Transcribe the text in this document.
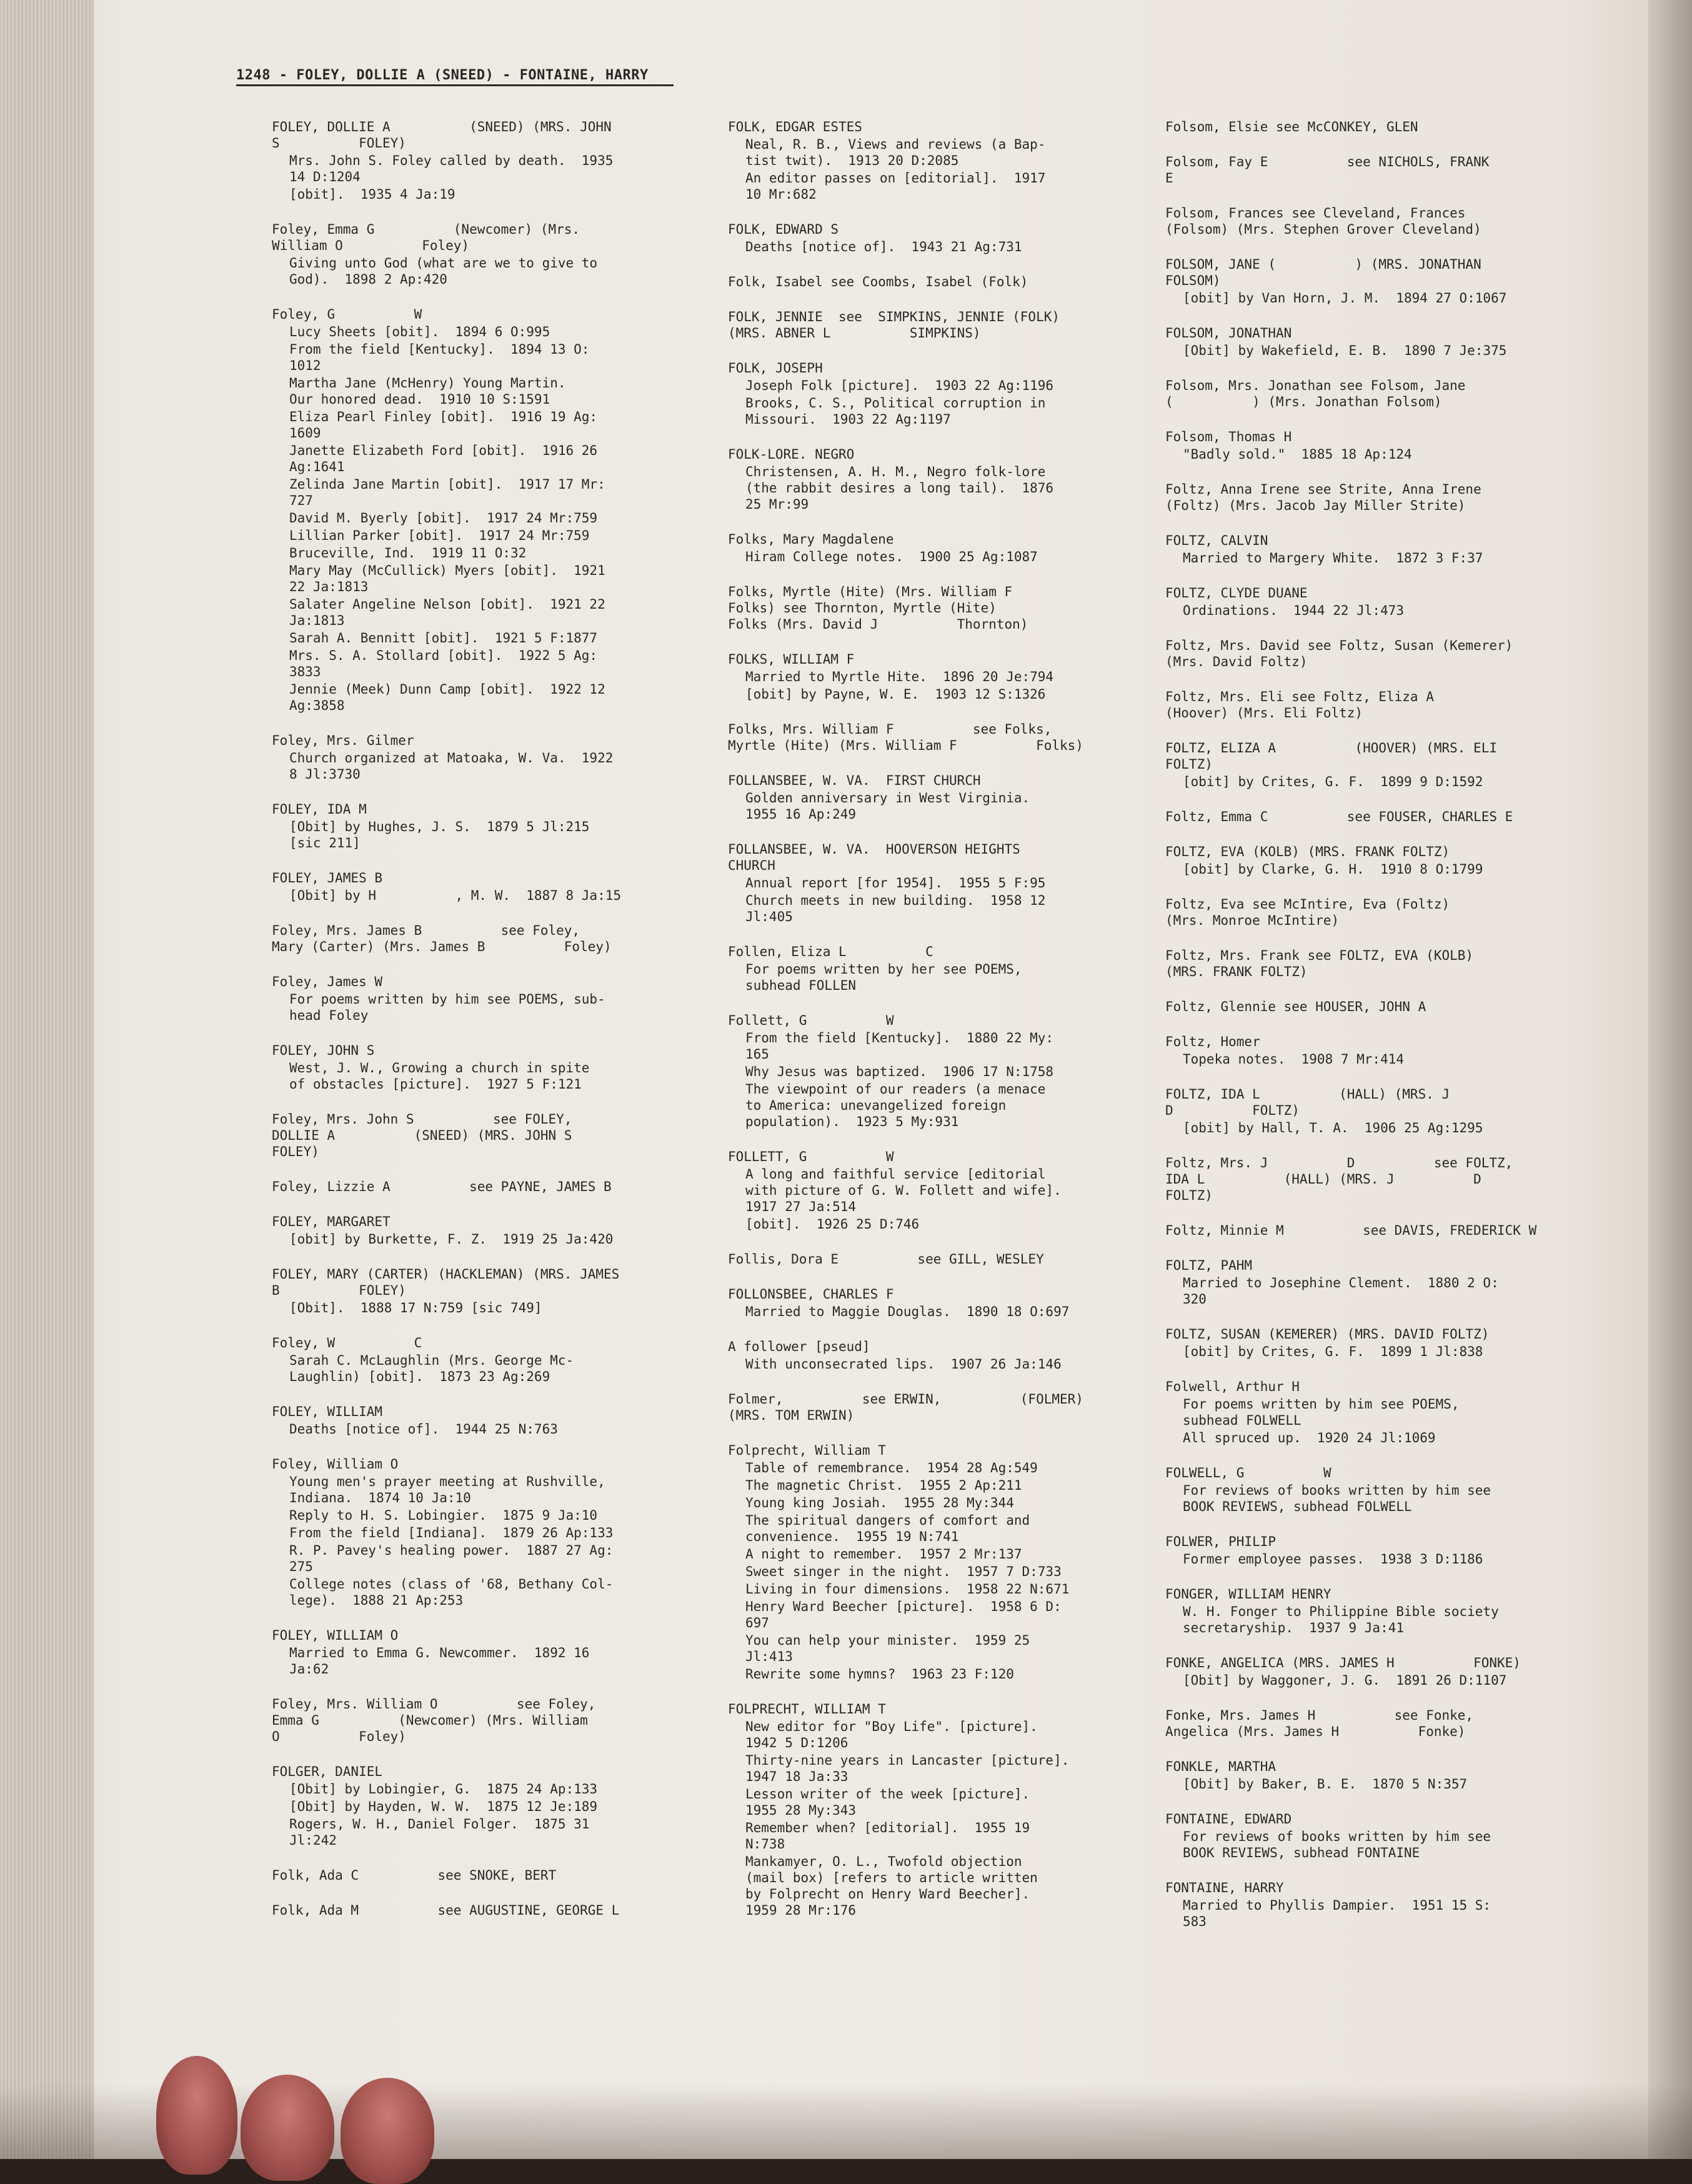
1248 - FOLEY, DOLLIE A (SNEED) - FONTAINE, HARRY
FOLEY, DOLLIE A          (SNEED) (MRS. JOHN
S          FOLEY)
Mrs. John S. Foley called by death.  1935
14 D:1204
[obit].  1935 4 Ja:19
Foley, Emma G          (Newcomer) (Mrs.
William O          Foley)
Giving unto God (what are we to give to
God).  1898 2 Ap:420
Foley, G          W
Lucy Sheets [obit].  1894 6 O:995
From the field [Kentucky].  1894 13 O:
1012
Martha Jane (McHenry) Young Martin.
Our honored dead.  1910 10 S:1591
Eliza Pearl Finley [obit].  1916 19 Ag:
1609
Janette Elizabeth Ford [obit].  1916 26
Ag:1641
Zelinda Jane Martin [obit].  1917 17 Mr:
727
David M. Byerly [obit].  1917 24 Mr:759
Lillian Parker [obit].  1917 24 Mr:759
Bruceville, Ind.  1919 11 O:32
Mary May (McCullick) Myers [obit].  1921
22 Ja:1813
Salater Angeline Nelson [obit].  1921 22
Ja:1813
Sarah A. Bennitt [obit].  1921 5 F:1877
Mrs. S. A. Stollard [obit].  1922 5 Ag:
3833
Jennie (Meek) Dunn Camp [obit].  1922 12
Ag:3858
Foley, Mrs. Gilmer
Church organized at Matoaka, W. Va.  1922
8 Jl:3730
FOLEY, IDA M
[Obit] by Hughes, J. S.  1879 5 Jl:215
[sic 211]
FOLEY, JAMES B
[Obit] by H          , M. W.  1887 8 Ja:15
Foley, Mrs. James B          see Foley,
Mary (Carter) (Mrs. James B          Foley)
Foley, James W
For poems written by him see POEMS, sub-
head Foley
FOLEY, JOHN S
West, J. W., Growing a church in spite
of obstacles [picture].  1927 5 F:121
Foley, Mrs. John S          see FOLEY,
DOLLIE A          (SNEED) (MRS. JOHN S
FOLEY)
Foley, Lizzie A          see PAYNE, JAMES B
FOLEY, MARGARET
[obit] by Burkette, F. Z.  1919 25 Ja:420
FOLEY, MARY (CARTER) (HACKLEMAN) (MRS. JAMES
B          FOLEY)
[Obit].  1888 17 N:759 [sic 749]
Foley, W          C
Sarah C. McLaughlin (Mrs. George Mc-
Laughlin) [obit].  1873 23 Ag:269
FOLEY, WILLIAM
Deaths [notice of].  1944 25 N:763
Foley, William O
Young men's prayer meeting at Rushville,
Indiana.  1874 10 Ja:10
Reply to H. S. Lobingier.  1875 9 Ja:10
From the field [Indiana].  1879 26 Ap:133
R. P. Pavey's healing power.  1887 27 Ag:
275
College notes (class of '68, Bethany Col-
lege).  1888 21 Ap:253
FOLEY, WILLIAM O
Married to Emma G. Newcommer.  1892 16
Ja:62
Foley, Mrs. William O          see Foley,
Emma G          (Newcomer) (Mrs. William
O          Foley)
FOLGER, DANIEL
[Obit] by Lobingier, G.  1875 24 Ap:133
[Obit] by Hayden, W. W.  1875 12 Je:189
Rogers, W. H., Daniel Folger.  1875 31
Jl:242
Folk, Ada C          see SNOKE, BERT
Folk, Ada M          see AUGUSTINE, GEORGE L
FOLK, EDGAR ESTES
Neal, R. B., Views and reviews (a Bap-
tist twit).  1913 20 D:2085
An editor passes on [editorial].  1917
10 Mr:682
FOLK, EDWARD S
Deaths [notice of].  1943 21 Ag:731
Folk, Isabel see Coombs, Isabel (Folk)
FOLK, JENNIE  see  SIMPKINS, JENNIE (FOLK)
(MRS. ABNER L          SIMPKINS)
FOLK, JOSEPH
Joseph Folk [picture].  1903 22 Ag:1196
Brooks, C. S., Political corruption in
Missouri.  1903 22 Ag:1197
FOLK-LORE. NEGRO
Christensen, A. H. M., Negro folk-lore
(the rabbit desires a long tail).  1876
25 Mr:99
Folks, Mary Magdalene
Hiram College notes.  1900 25 Ag:1087
Folks, Myrtle (Hite) (Mrs. William F
Folks) see Thornton, Myrtle (Hite)
Folks (Mrs. David J          Thornton)
FOLKS, WILLIAM F
Married to Myrtle Hite.  1896 20 Je:794
[obit] by Payne, W. E.  1903 12 S:1326
Folks, Mrs. William F          see Folks,
Myrtle (Hite) (Mrs. William F          Folks)
FOLLANSBEE, W. VA.  FIRST CHURCH
Golden anniversary in West Virginia.
1955 16 Ap:249
FOLLANSBEE, W. VA.  HOOVERSON HEIGHTS
CHURCH
Annual report [for 1954].  1955 5 F:95
Church meets in new building.  1958 12
Jl:405
Follen, Eliza L          C
For poems written by her see POEMS,
subhead FOLLEN
Follett, G          W
From the field [Kentucky].  1880 22 My:
165
Why Jesus was baptized.  1906 17 N:1758
The viewpoint of our readers (a menace
to America: unevangelized foreign
population).  1923 5 My:931
FOLLETT, G          W
A long and faithful service [editorial
with picture of G. W. Follett and wife].
1917 27 Ja:514
[obit].  1926 25 D:746
Follis, Dora E          see GILL, WESLEY
FOLLONSBEE, CHARLES F
Married to Maggie Douglas.  1890 18 O:697
A follower [pseud]
With unconsecrated lips.  1907 26 Ja:146
Folmer,          see ERWIN,          (FOLMER)
(MRS. TOM ERWIN)
Folprecht, William T
Table of remembrance.  1954 28 Ag:549
The magnetic Christ.  1955 2 Ap:211
Young king Josiah.  1955 28 My:344
The spiritual dangers of comfort and
convenience.  1955 19 N:741
A night to remember.  1957 2 Mr:137
Sweet singer in the night.  1957 7 D:733
Living in four dimensions.  1958 22 N:671
Henry Ward Beecher [picture].  1958 6 D:
697
You can help your minister.  1959 25
Jl:413
Rewrite some hymns?  1963 23 F:120
FOLPRECHT, WILLIAM T
New editor for "Boy Life". [picture].
1942 5 D:1206
Thirty-nine years in Lancaster [picture].
1947 18 Ja:33
Lesson writer of the week [picture].
1955 28 My:343
Remember when? [editorial].  1955 19
N:738
Mankamyer, O. L., Twofold objection
(mail box) [refers to article written
by Folprecht on Henry Ward Beecher].
1959 28 Mr:176
Folsom, Elsie see McCONKEY, GLEN
Folsom, Fay E          see NICHOLS, FRANK
E
Folsom, Frances see Cleveland, Frances
(Folsom) (Mrs. Stephen Grover Cleveland)
FOLSOM, JANE (          ) (MRS. JONATHAN
FOLSOM)
[obit] by Van Horn, J. M.  1894 27 O:1067
FOLSOM, JONATHAN
[Obit] by Wakefield, E. B.  1890 7 Je:375
Folsom, Mrs. Jonathan see Folsom, Jane
(          ) (Mrs. Jonathan Folsom)
Folsom, Thomas H
"Badly sold."  1885 18 Ap:124
Foltz, Anna Irene see Strite, Anna Irene
(Foltz) (Mrs. Jacob Jay Miller Strite)
FOLTZ, CALVIN
Married to Margery White.  1872 3 F:37
FOLTZ, CLYDE DUANE
Ordinations.  1944 22 Jl:473
Foltz, Mrs. David see Foltz, Susan (Kemerer)
(Mrs. David Foltz)
Foltz, Mrs. Eli see Foltz, Eliza A
(Hoover) (Mrs. Eli Foltz)
FOLTZ, ELIZA A          (HOOVER) (MRS. ELI
FOLTZ)
[obit] by Crites, G. F.  1899 9 D:1592
Foltz, Emma C          see FOUSER, CHARLES E
FOLTZ, EVA (KOLB) (MRS. FRANK FOLTZ)
[obit] by Clarke, G. H.  1910 8 O:1799
Foltz, Eva see McIntire, Eva (Foltz)
(Mrs. Monroe McIntire)
Foltz, Mrs. Frank see FOLTZ, EVA (KOLB)
(MRS. FRANK FOLTZ)
Foltz, Glennie see HOUSER, JOHN A
Foltz, Homer
Topeka notes.  1908 7 Mr:414
FOLTZ, IDA L          (HALL) (MRS. J
D          FOLTZ)
[obit] by Hall, T. A.  1906 25 Ag:1295
Foltz, Mrs. J          D          see FOLTZ,
IDA L          (HALL) (MRS. J          D
FOLTZ)
Foltz, Minnie M          see DAVIS, FREDERICK W
FOLTZ, PAHM
Married to Josephine Clement.  1880 2 O:
320
FOLTZ, SUSAN (KEMERER) (MRS. DAVID FOLTZ)
[obit] by Crites, G. F.  1899 1 Jl:838
Folwell, Arthur H
For poems written by him see POEMS,
subhead FOLWELL
All spruced up.  1920 24 Jl:1069
FOLWELL, G          W
For reviews of books written by him see
BOOK REVIEWS, subhead FOLWELL
FOLWER, PHILIP
Former employee passes.  1938 3 D:1186
FONGER, WILLIAM HENRY
W. H. Fonger to Philippine Bible society
secretaryship.  1937 9 Ja:41
FONKE, ANGELICA (MRS. JAMES H          FONKE)
[Obit] by Waggoner, J. G.  1891 26 D:1107
Fonke, Mrs. James H          see Fonke,
Angelica (Mrs. James H          Fonke)
FONKLE, MARTHA
[Obit] by Baker, B. E.  1870 5 N:357
FONTAINE, EDWARD
For reviews of books written by him see
BOOK REVIEWS, subhead FONTAINE
FONTAINE, HARRY
Married to Phyllis Dampier.  1951 15 S:
583
